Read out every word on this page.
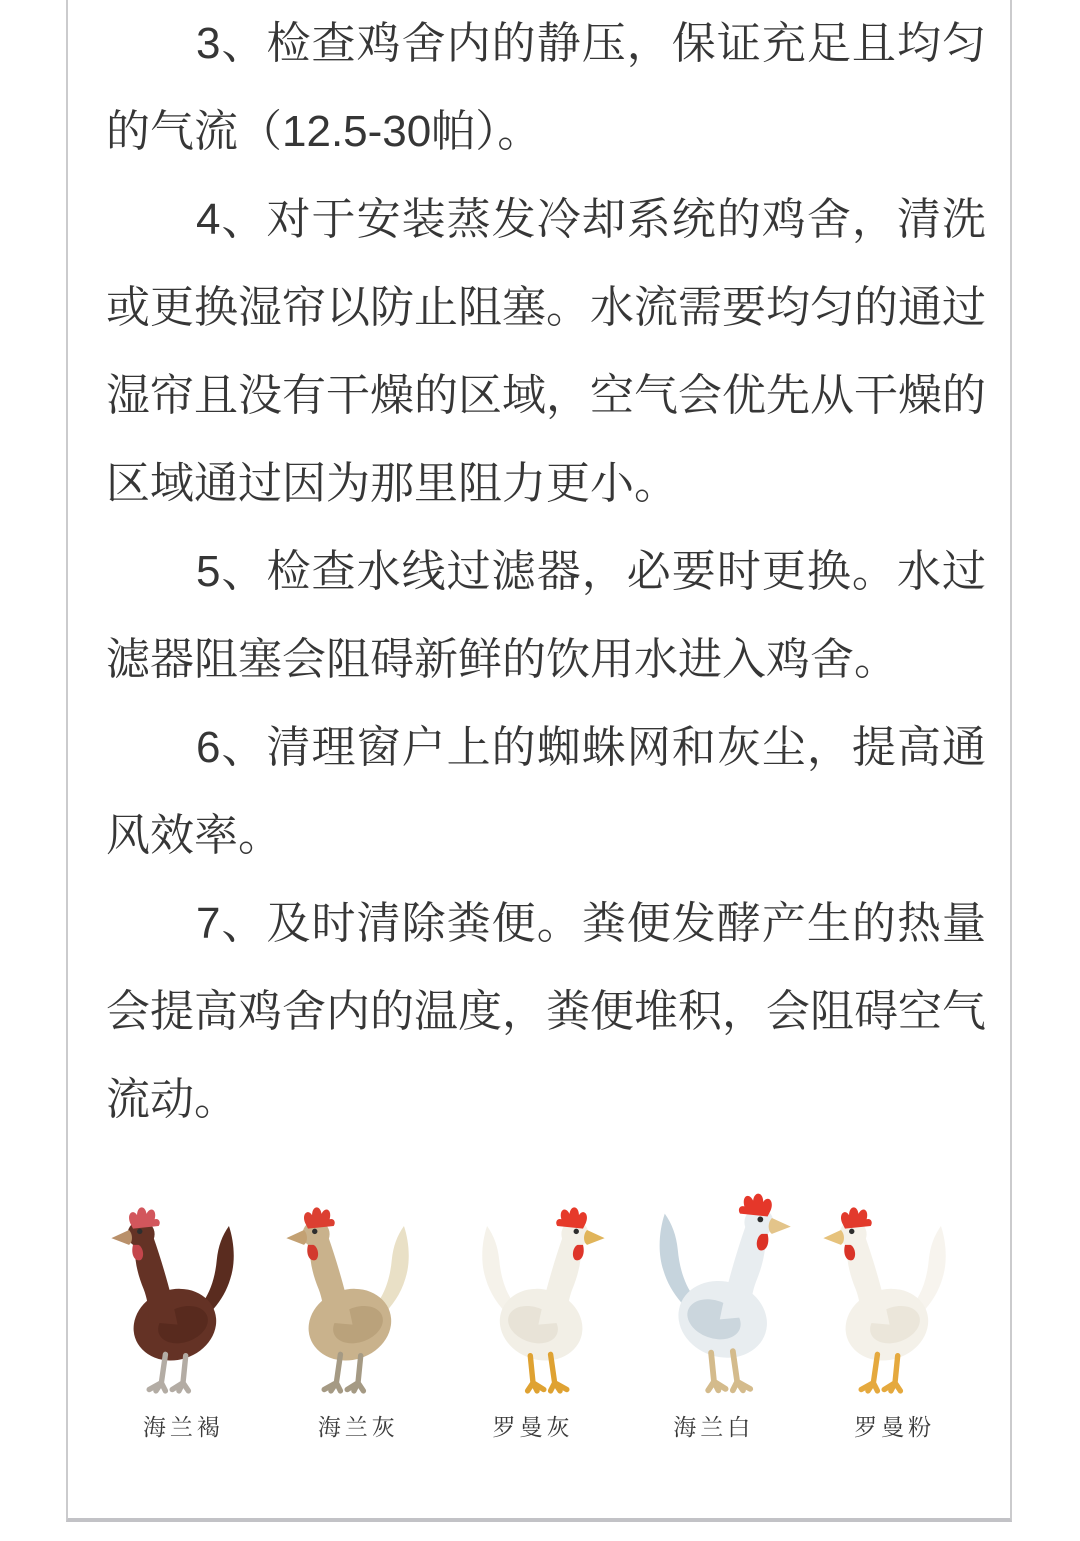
3、检查鸡舍内的静压，保证充足且均匀
的气流（12.5-30帕）。
4、对于安装蒸发冷却系统的鸡舍，清洗
或更换湿帘以防止阻塞。水流需要均匀的通过
湿帘且没有干燥的区域，空气会优先从干燥的
区域通过因为那里阻力更小。
5、检查水线过滤器，必要时更换。水过
滤器阻塞会阻碍新鲜的饮用水进入鸡舍。
6、清理窗户上的蜘蛛网和灰尘，提高通
风效率。
7、及时清除粪便。粪便发酵产生的热量
会提高鸡舍内的温度，粪便堆积，会阻碍空气
流动。
海兰褐	海兰灰	罗曼灰	海兰白	罗曼粉
